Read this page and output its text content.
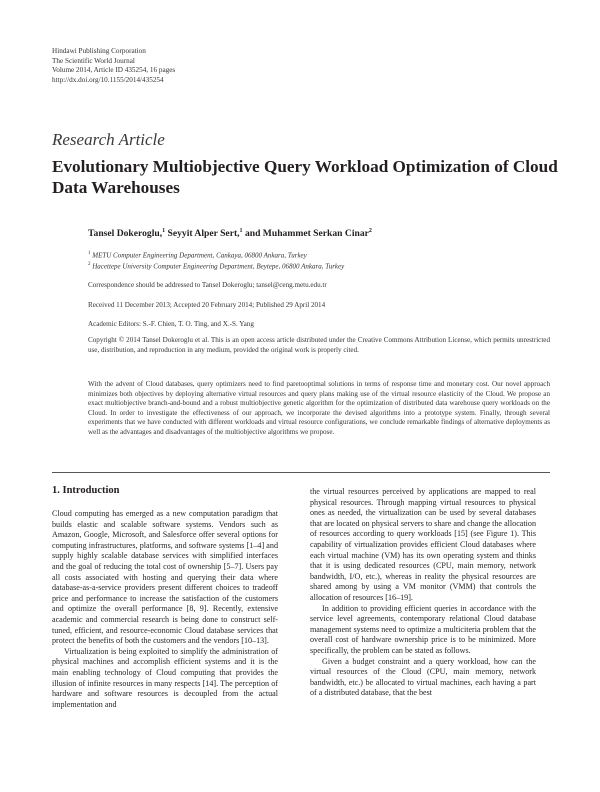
Hindawi Publishing Corporation
The Scientific World Journal
Volume 2014, Article ID 435254, 16 pages
http://dx.doi.org/10.1155/2014/435254
Research Article
Evolutionary Multiobjective Query Workload Optimization of Cloud Data Warehouses
Tansel Dokeroglu,$^1$ Seyyit Alper Sert,$^1$ and Muhammet Serkan Cinar$^2$
$^1$ METU Computer Engineering Department, Cankaya, 06800 Ankara, Turkey
$^2$ Hacettepe University Computer Engineering Department, Beytepe, 06800 Ankara, Turkey
Correspondence should be addressed to Tansel Dokeroglu; tansel@ceng.metu.edu.tr
Received 11 December 2013; Accepted 20 February 2014; Published 29 April 2014
Academic Editors: S.-F. Chien, T. O. Ting, and X.-S. Yang
Copyright © 2014 Tansel Dokeroglu et al. This is an open access article distributed under the Creative Commons Attribution License, which permits unrestricted use, distribution, and reproduction in any medium, provided the original work is properly cited.
With the advent of Cloud databases, query optimizers need to find paretooptimal solutions in terms of response time and monetary cost. Our novel approach minimizes both objectives by deploying alternative virtual resources and query plans making use of the virtual resource elasticity of the Cloud. We propose an exact multiobjective branch-and-bound and a robust multiobjective genetic algorithm for the optimization of distributed data warehouse query workloads on the Cloud. In order to investigate the effectiveness of our approach, we incorporate the devised algorithms into a prototype system. Finally, through several experiments that we have conducted with different workloads and virtual resource configurations, we conclude remarkable findings of alternative deployments as well as the advantages and disadvantages of the multiobjective algorithms we propose.
1. Introduction

Cloud computing has emerged as a new computation paradigm that builds elastic and scalable software systems. Vendors such as Amazon, Google, Microsoft, and Salesforce offer several options for computing infrastructures, platforms, and software systems [1–4] and supply highly scalable database services with simplified interfaces and the goal of reducing the total cost of ownership [5–7]. Users pay all costs associated with hosting and querying their data where database-as-a-service providers present different choices to tradeoff price and performance to increase the satisfaction of the customers and optimize the overall performance [8, 9]. Recently, extensive academic and commercial research is being done to construct self-tuned, efficient, and resource-economic Cloud database services that protect the benefits of both the customers and the vendors [10–13].

Virtualization is being exploited to simplify the administration of physical machines and accomplish efficient systems and it is the main enabling technology of Cloud computing that provides the illusion of infinite resources in many respects [14]. The perception of hardware and software resources is decoupled from the actual implementation and

the virtual resources perceived by applications are mapped to real physical resources. Through mapping virtual resources to physical ones as needed, the virtualization can be used by several databases that are located on physical servers to share and change the allocation of resources according to query workloads [15] (see Figure 1). This capability of virtualization provides efficient Cloud databases where each virtual machine (VM) has its own operating system and thinks that it is using dedicated resources (CPU, main memory, network bandwidth, I/O, etc.), whereas in reality the physical resources are shared among by using a VM monitor (VMM) that controls the allocation of resources [16–19].

In addition to providing efficient queries in accordance with the service level agreements, contemporary relational Cloud database management systems need to optimize a multiciteria problem that the overall cost of hardware ownership price is to be minimized. More specifically, the problem can be stated as follows.

Given a budget constraint and a query workload, how can the virtual resources of the Cloud (CPU, main memory, network bandwidth, etc.) be allocated to virtual machines, each having a part of a distributed database, that the best
